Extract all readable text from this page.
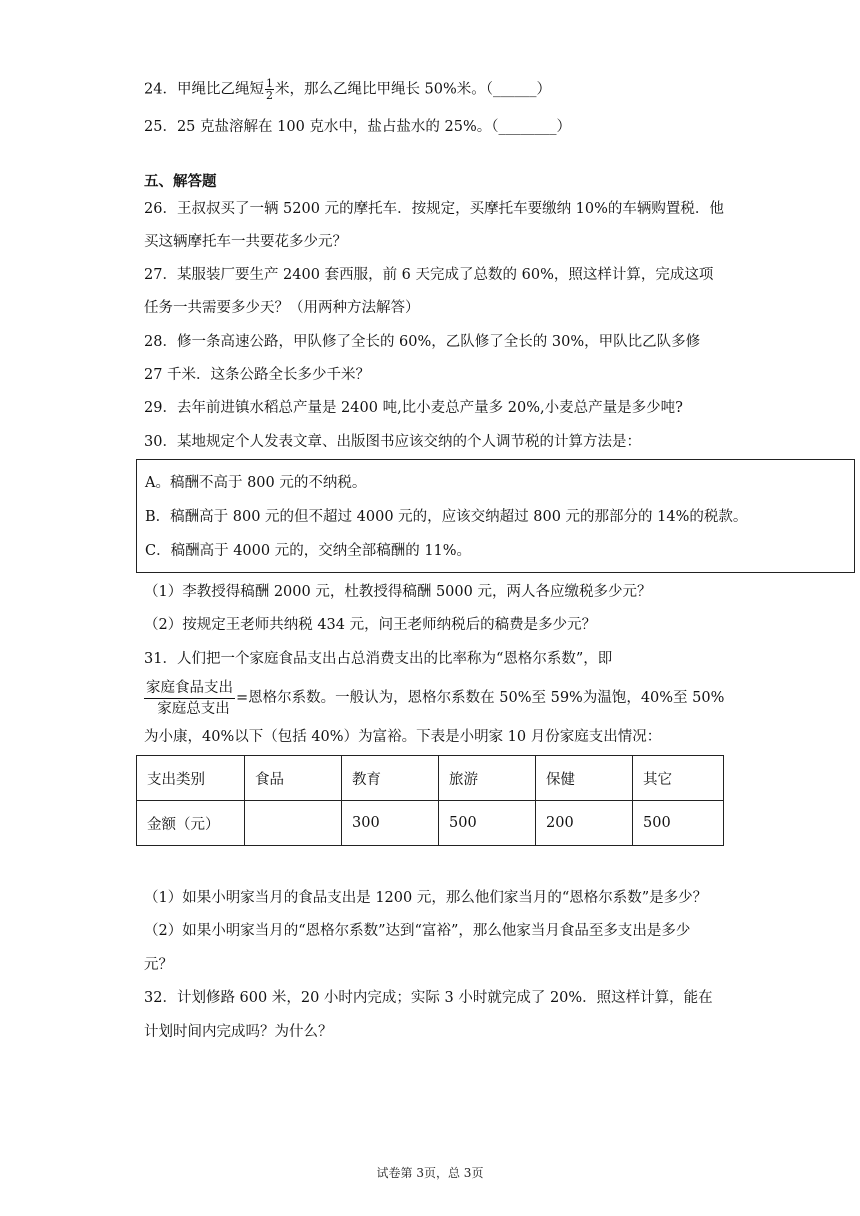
24．甲绳比乙绳短 $\frac{1}{2}$ 米，那么乙绳比甲绳长 50%米。（______）
25．25 克盐溶解在 100 克水中，盐占盐水的 25%。（________）
五、解答题
26．王叔叔买了一辆 5200 元的摩托车．按规定，买摩托车要缴纳 10%的车辆购置税．他
买这辆摩托车一共要花多少元？
27．某服装厂要生产 2400 套西服，前 6 天完成了总数的 60%，照这样计算，完成这项
任务一共需要多少天？（用两种方法解答）
28．修一条高速公路，甲队修了全长的 60%，乙队修了全长的 30%，甲队比乙队多修
27 千米．这条公路全长多少千米？
29．去年前进镇水稻总产量是 2400 吨,比小麦总产量多 20%,小麦总产量是多少吨?
30．某地规定个人发表文章、出版图书应该交纳的个人调节税的计算方法是：
A。稿酬不高于 800 元的不纳税。
B．稿酬高于 800 元的但不超过 4000 元的，应该交纳超过 800 元的那部分的 14%的税款。
C．稿酬高于 4000 元的，交纳全部稿酬的 11%。
（1）李教授得稿酬 2000 元，杜教授得稿酬 5000 元，两人各应缴税多少元？
（2）按规定王老师共纳税 434 元，问王老师纳税后的稿费是多少元？
31．人们把一个家庭食品支出占总消费支出的比率称为“恩格尔系数”，即
家庭食品支出
家庭总支出
=恩格尔系数。一般认为，恩格尔系数在 50%至 59%为温饱，40%至 50%
为小康，40%以下（包括 40%）为富裕。下表是小明家 10 月份家庭支出情况：
支出类别	食品	教育	旅游	保健	其它
金额（元）		300	500	200	500
（1）如果小明家当月的食品支出是 1200 元，那么他们家当月的“恩格尔系数”是多少？
（2）如果小明家当月的“恩格尔系数”达到“富裕”，那么他家当月食品至多支出是多少
元？
32．计划修路 600 米，20 小时内完成；实际 3 小时就完成了 20%．照这样计算，能在
计划时间内完成吗？为什么？
试卷第 3页，总 3页
